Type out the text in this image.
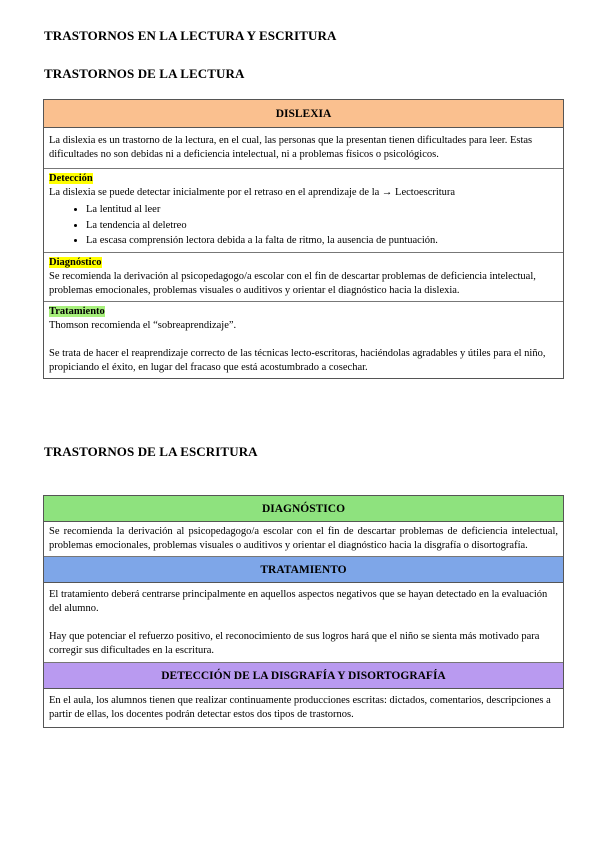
TRASTORNOS EN LA LECTURA Y ESCRITURA
TRASTORNOS DE LA LECTURA
DISLEXIA
La dislexia es un trastorno de la lectura, en el cual, las personas que la presentan tienen dificultades para leer. Estas dificultades no son debidas ni a deficiencia intelectual, ni a problemas físicos o psicológicos.
Detección
La dislexia se puede detectar inicialmente por el retraso en el aprendizaje de la → Lectoescritura
• La lentitud al leer
• La tendencia al deletreo
• La escasa comprensión lectora debida a la falta de ritmo, la ausencia de puntuación.
Diagnóstico
Se recomienda la derivación al psicopedagogo/a escolar con el fin de descartar problemas de deficiencia intelectual, problemas emocionales, problemas visuales o auditivos y orientar el diagnóstico hacia la dislexia.
Tratamiento

Thomson recomienda el “sobreaprendizaje”.

Se trata de hacer el reaprendizaje correcto de las técnicas lecto-escritoras, haciéndolas agradables y útiles para el niño, propiciando el éxito, en lugar del fracaso que está acostumbrado a cosechar.

TRASTORNOS DE LA ESCRITURA
DIAGNÓSTICO
Se recomienda la derivación al psicopedagogo/a escolar con el fin de descartar problemas de deficiencia intelectual, problemas emocionales, problemas visuales o auditivos y orientar el diagnóstico hacia la disgrafía o disortografía.
TRATAMIENTO

El tratamiento deberá centrarse principalmente en aquellos aspectos negativos que se hayan detectado en la evaluación del alumno.

Hay que potenciar el refuerzo positivo, el reconocimiento de sus logros hará que el niño se sienta más motivado para corregir sus dificultades en la escritura.

DETECCIÓN DE LA DISGRAFÍA Y DISORTOGRAFÍA
En el aula, los alumnos tienen que realizar continuamente producciones escritas: dictados, comentarios, descripciones a partir de ellas, los docentes podrán detectar estos dos tipos de trastornos.
